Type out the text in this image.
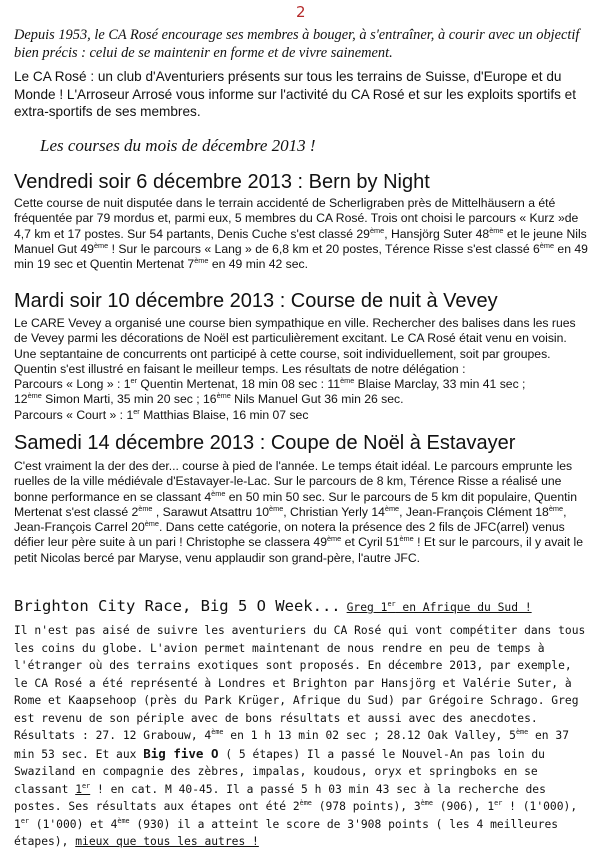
2
Depuis 1953, le CA Rosé encourage ses membres à bouger, à s'entraîner, à courir avec un objectif bien précis : celui de se maintenir en forme et de vivre sainement.
Le CA Rosé : un club d'Aventuriers présents sur tous les terrains de Suisse, d'Europe et du Monde ! L'Arroseur Arrosé vous informe sur l'activité du CA Rosé et sur les exploits sportifs et extra-sportifs de ses membres.
Les courses du mois de décembre 2013 !
Vendredi soir 6 décembre 2013 : Bern by Night
Cette course de nuit disputée dans le terrain accidenté de Scherligraben près de Mittelhäusern a été fréquentée par 79 mordus et, parmi eux, 5 membres du CA Rosé. Trois ont choisi le parcours « Kurz »de 4,7 km et 17 postes. Sur 54 partants, Denis Cuche s'est classé 29ème, Hansjörg Suter 48ème et le jeune Nils Manuel Gut 49ème ! Sur le parcours « Lang » de 6,8 km et 20 postes, Térence Risse s'est classé 6ème en 49 min 19 sec et Quentin Mertenat 7ème en 49 min 42 sec.
Mardi soir 10 décembre 2013 : Course de nuit à Vevey

Le CARE Vevey a organisé une course bien sympathique en ville. Rechercher des balises dans les rues de Vevey parmi les décorations de Noël est particulièrement excitant. Le CA Rosé était venu en voisin. Une septantaine de concurrents ont participé à cette course, soit individuellement, soit par groupes. Quentin s'est illustré en faisant le meilleur temps. Les résultats de notre délégation :

Parcours « Long » : 1er Quentin Mertenat, 18 min 08 sec : 11ème Blaise Marclay, 33 min 41 sec ;

12ème Simon Marti, 35 min 20 sec ; 16ème Nils Manuel Gut 36 min 26 sec.

Parcours « Court » : 1er Matthias Blaise, 16 min 07 sec

Samedi 14 décembre 2013 : Coupe de Noël à Estavayer
C'est vraiment la der des der... course à pied de l'année. Le temps était idéal. Le parcours emprunte les ruelles de la ville médiévale d'Estavayer-le-Lac. Sur le parcours de 8 km, Térence Risse a réalisé une bonne performance en se classant 4ème en 50 min 50 sec. Sur le parcours de 5 km dit populaire, Quentin Mertenat s'est classé 2ème , Sarawut Atsattru 10ème, Christian Yerly 14ème, Jean-François Clément 18ème, Jean-François Carrel 20ème. Dans cette catégorie, on notera la présence des 2 fils de JFC(arrel) venus défier leur père suite à un pari ! Christophe se classera 49ème et Cyril 51ème ! Et sur le parcours, il y avait le petit Nicolas bercé par Maryse, venu applaudir son grand-père, l'autre JFC.
Brighton City Race, Big 5 O Week... Greg 1er en Afrique du Sud !
Il n'est pas aisé de suivre les aventuriers du CA Rosé qui vont compétiter dans tous les coins du globe. L'avion permet maintenant de nous rendre en peu de temps à l'étranger où des terrains exotiques sont proposés. En décembre 2013, par exemple, le CA Rosé a été représenté à Londres et Brighton par Hansjörg et Valérie Suter, à Rome et Kaapsehoop (près du Park Krüger, Afrique du Sud) par Grégoire Schrago. Greg est revenu de son périple avec de bons résultats et aussi avec des anecdotes. Résultats : 27. 12 Grabouw, 4ème en 1 h 13 min 02 sec ; 28.12 Oak Valley, 5ème en 37 min 53 sec. Et aux Big five O ( 5 étapes) Il a passé le Nouvel-An pas loin du Swaziland en compagnie des zèbres, impalas, koudous, oryx et springboks en se classant 1er ! en cat. M 40-45. Il a passé 5 h 03 min 43 sec à la recherche des postes. Ses résultats aux étapes ont été 2ème (978 points), 3ème (906), 1er ! (1'000), 1er (1'000) et 4ème (930) il a atteint le score de 3'908 points ( les 4 meilleures étapes), mieux que tous les autres !
